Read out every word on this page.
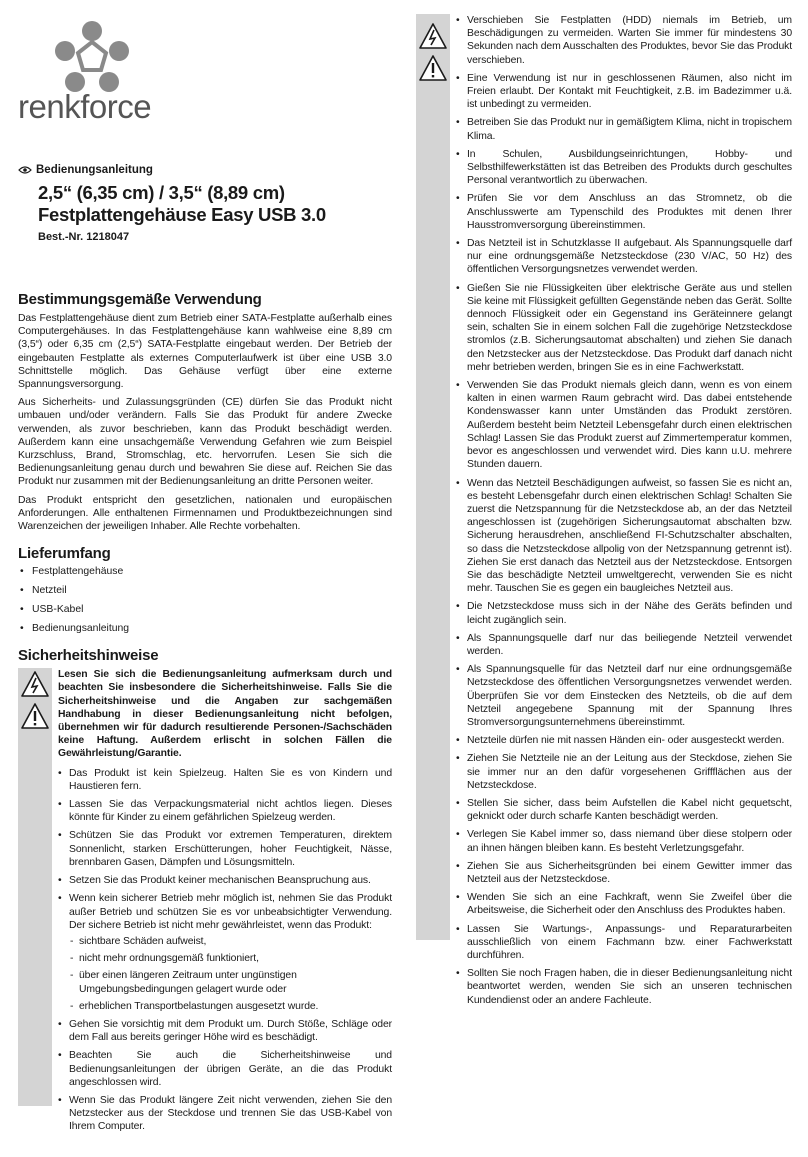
renkforce
Bedienungsanleitung
2,5“ (6,35 cm) / 3,5“ (8,89 cm)
Festplattengehäuse Easy USB 3.0
Best.-Nr. 1218047
Bestimmungsgemäße Verwendung

Das Festplattengehäuse dient zum Betrieb einer SATA-Festplatte außerhalb eines Computergehäuses. In das Festplattengehäuse kann wahlweise eine 8,89 cm (3,5“) oder 6,35 cm (2,5“) SATA-Festplatte eingebaut werden. Der Betrieb der eingebauten Festplatte als externes Computerlaufwerk ist über eine USB 3.0 Schnittstelle möglich. Das Gehäuse verfügt über eine externe Spannungsversorgung.

Aus Sicherheits- und Zulassungsgründen (CE) dürfen Sie das Produkt nicht umbauen und/oder verändern. Falls Sie das Produkt für andere Zwecke verwenden, als zuvor beschrieben, kann das Produkt beschädigt werden. Außerdem kann eine unsachgemäße Verwendung Gefahren wie zum Beispiel Kurzschluss, Brand, Stromschlag, etc. hervorrufen. Lesen Sie sich die Bedienungsanleitung genau durch und bewahren Sie diese auf. Reichen Sie das Produkt nur zusammen mit der Bedienungsanleitung an dritte Personen weiter.

Das Produkt entspricht den gesetzlichen, nationalen und europäischen Anforderungen. Alle enthaltenen Firmennamen und Produktbezeichnungen sind Warenzeichen der jeweiligen Inhaber. Alle Rechte vorbehalten.

Lieferumfang
• Festplattengehäuse
• Netzteil
• USB-Kabel
• Bedienungsanleitung
Sicherheitshinweise
Lesen Sie sich die Bedienungsanleitung aufmerksam durch und beachten Sie insbesondere die Sicherheitshinweise. Falls Sie die Sicherheitshinweise und die Angaben zur sachgemäßen Handhabung in dieser Bedienungsanleitung nicht befolgen, übernehmen wir für dadurch resultierende Personen-/Sachschäden keine Haftung. Außerdem erlischt in solchen Fällen die Gewährleistung/Garantie.
• Das Produkt ist kein Spielzeug. Halten Sie es von Kindern und Haustieren fern.
• Lassen Sie das Verpackungsmaterial nicht achtlos liegen. Dieses könnte für Kinder zu einem gefährlichen Spielzeug werden.
• Schützen Sie das Produkt vor extremen Temperaturen, direktem Sonnenlicht, starken Erschütterungen, hoher Feuchtigkeit, Nässe, brennbaren Gasen, Dämpfen und Lösungsmitteln.
• Setzen Sie das Produkt keiner mechanischen Beanspruchung aus.
• Wenn kein sicherer Betrieb mehr möglich ist, nehmen Sie das Produkt außer Betrieb und schützen Sie es vor unbeabsichtigter Verwendung. Der sichere Betrieb ist nicht mehr gewährleistet, wenn das Produkt:
- sichtbare Schäden aufweist,
- nicht mehr ordnungsgemäß funktioniert,
- über einen längeren Zeitraum unter ungünstigen Umgebungsbedingungen gelagert wurde oder
- erheblichen Transportbelastungen ausgesetzt wurde.
• Gehen Sie vorsichtig mit dem Produkt um. Durch Stöße, Schläge oder dem Fall aus bereits geringer Höhe wird es beschädigt.
• Beachten Sie auch die Sicherheitshinweise und Bedienungsanleitungen der übrigen Geräte, an die das Produkt angeschlossen wird.
• Wenn Sie das Produkt längere Zeit nicht verwenden, ziehen Sie den Netzstecker aus der Steckdose und trennen Sie das USB-Kabel von Ihrem Computer.
• Verschieben Sie Festplatten (HDD) niemals im Betrieb, um Beschädigungen zu vermeiden. Warten Sie immer für mindestens 30 Sekunden nach dem Ausschalten des Produktes, bevor Sie das Produkt verschieben.
• Eine Verwendung ist nur in geschlossenen Räumen, also nicht im Freien erlaubt. Der Kontakt mit Feuchtigkeit, z.B. im Badezimmer u.ä. ist unbedingt zu vermeiden.
• Betreiben Sie das Produkt nur in gemäßigtem Klima, nicht in tropischem Klima.
• In Schulen, Ausbildungseinrichtungen, Hobby- und Selbsthilfewerkstätten ist das Betreiben des Produkts durch geschultes Personal verantwortlich zu überwachen.
• Prüfen Sie vor dem Anschluss an das Stromnetz, ob die Anschlusswerte am Typenschild des Produktes mit denen Ihrer Hausstromversorgung übereinstimmen.
• Das Netzteil ist in Schutzklasse II aufgebaut. Als Spannungsquelle darf nur eine ordnungsgemäße Netzsteckdose (230 V/AC, 50 Hz) des öffentlichen Versorgungsnetzes verwendet werden.
• Gießen Sie nie Flüssigkeiten über elektrische Geräte aus und stellen Sie keine mit Flüssigkeit gefüllten Gegenstände neben das Gerät. Sollte dennoch Flüssigkeit oder ein Gegenstand ins Geräteinnere gelangt sein, schalten Sie in einem solchen Fall die zugehörige Netzsteckdose stromlos (z.B. Sicherungsautomat abschalten) und ziehen Sie danach den Netzstecker aus der Netzsteckdose. Das Produkt darf danach nicht mehr betrieben werden, bringen Sie es in eine Fachwerkstatt.
• Verwenden Sie das Produkt niemals gleich dann, wenn es von einem kalten in einen warmen Raum gebracht wird. Das dabei entstehende Kondenswasser kann unter Umständen das Produkt zerstören. Außerdem besteht beim Netzteil Lebensgefahr durch einen elektrischen Schlag! Lassen Sie das Produkt zuerst auf Zimmertemperatur kommen, bevor es angeschlossen und verwendet wird. Dies kann u.U. mehrere Stunden dauern.
• Wenn das Netzteil Beschädigungen aufweist, so fassen Sie es nicht an, es besteht Lebensgefahr durch einen elektrischen Schlag! Schalten Sie zuerst die Netzspannung für die Netzsteckdose ab, an der das Netzteil angeschlossen ist (zugehörigen Sicherungsautomat abschalten bzw. Sicherung herausdrehen, anschließend FI-Schutzschalter abschalten, so dass die Netzsteckdose allpolig von der Netzspannung getrennt ist). Ziehen Sie erst danach das Netzteil aus der Netzsteckdose. Entsorgen Sie das beschädigte Netzteil umweltgerecht, verwenden Sie es nicht mehr. Tauschen Sie es gegen ein baugleiches Netzteil aus.
• Die Netzsteckdose muss sich in der Nähe des Geräts befinden und leicht zugänglich sein.
• Als Spannungsquelle darf nur das beiliegende Netzteil verwendet werden.
• Als Spannungsquelle für das Netzteil darf nur eine ordnungsgemäße Netzsteckdose des öffentlichen Versorgungsnetzes verwendet werden. Überprüfen Sie vor dem Einstecken des Netzteils, ob die auf dem Netzteil angegebene Spannung mit der Spannung Ihres Stromversorgungsunternehmens übereinstimmt.
• Netzteile dürfen nie mit nassen Händen ein- oder ausgesteckt werden.
• Ziehen Sie Netzteile nie an der Leitung aus der Steckdose, ziehen Sie sie immer nur an den dafür vorgesehenen Griffflächen aus der Netzsteckdose.
• Stellen Sie sicher, dass beim Aufstellen die Kabel nicht gequetscht, geknickt oder durch scharfe Kanten beschädigt werden.
• Verlegen Sie Kabel immer so, dass niemand über diese stolpern oder an ihnen hängen bleiben kann. Es besteht Verletzungsgefahr.
• Ziehen Sie aus Sicherheitsgründen bei einem Gewitter immer das Netzteil aus der Netzsteckdose.
• Wenden Sie sich an eine Fachkraft, wenn Sie Zweifel über die Arbeitsweise, die Sicherheit oder den Anschluss des Produktes haben.
• Lassen Sie Wartungs-, Anpassungs- und Reparaturarbeiten ausschließlich von einem Fachmann bzw. einer Fachwerkstatt durchführen.
• Sollten Sie noch Fragen haben, die in dieser Bedienungsanleitung nicht beantwortet werden, wenden Sie sich an unseren technischen Kundendienst oder an andere Fachleute.
